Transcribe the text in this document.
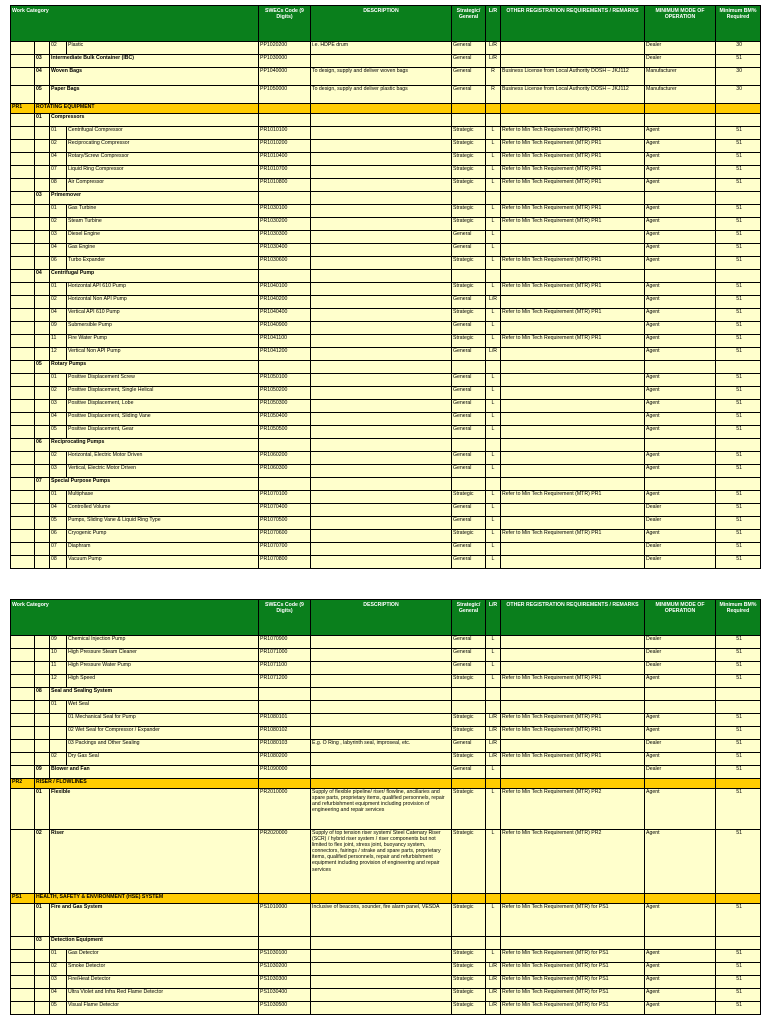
Work Category				SWECs Code (9 Digits)	DESCRIPTION	Strategic/ General	L/R	OTHER REGISTRATION REQUIREMENTS / REMARKS	MINIMUM MODE OF OPERATION	Minimum BM% Required
		02	Plastic	PP1020200	i.e. HDPE drum	General	L/R		Dealer	30
	03	Intermediate Bulk Container (IBC)		PP1030000		General	L/R		Dealer	51
	04	Woven Bags		PP1040000	To design, supply and deliver woven bags	General	R	Business License from Local Authority DOSH – JKJ112	Manufacturer	30
	05	Paper Bags		PP1050000	To design, supply and deliver plastic bags	General	R	Business License from Local Authority DOSH – JKJ112	Manufacturer	30
PR1	ROTATING EQUIPMENT									
	01	Compressors								
		01	Centrifugal Compressor	PR1010100		Strategic	L	Refer to Min Tech Requirement (MTR) PR1	Agent	51
		02	Reciprocating Compressor	PR1010200		Strategic	L	Refer to Min Tech Requirement (MTR) PR1	Agent	51
		04	Rotary/Screw Compressor	PR1010400		Strategic	L	Refer to Min Tech Requirement (MTR) PR1	Agent	51
		07	Liquid Ring Compressor	PR1010700		Strategic	L	Refer to Min Tech Requirement (MTR) PR1	Agent	51
		08	Air Compressor	PR1010800		Strategic	L	Refer to Min Tech Requirement (MTR) PR1	Agent	51
	03	Primemover								
		01	Gas Turbine	PR1030100		Strategic	L	Refer to Min Tech Requirement (MTR) PR1	Agent	51
		02	Steam Turbine	PR1030200		Strategic	L	Refer to Min Tech Requirement (MTR) PR1	Agent	51
		03	Diesel Engine	PR1030300		General	L		Agent	51
		04	Gas Engine	PR1030400		General	L		Agent	51
		06	Turbo Expander	PR1030600		Strategic	L	Refer to Min Tech Requirement (MTR) PR1	Agent	51
	04	Centrifugal Pump								
		01	Horizontal API 610 Pump	PR1040100		Strategic	L	Refer to Min Tech Requirement (MTR) PR1	Agent	51
		02	Horizontal Non API Pump	PR1040200		General	L/R		Agent	51
		04	Vertical API 610 Pump	PR1040400		Strategic	L	Refer to Min Tech Requirement (MTR) PR1	Agent	51
		09	Submersible Pump	PR1040900		General	L		Agent	51
		11	Fire Water Pump	PR1041100		Strategic	L	Refer to Min Tech Requirement (MTR) PR1	Agent	51
		12	Vertical Non API Pump	PR1041200		General	L/R		Agent	51
	05	Rotary Pumps								
		01	Positive Displacement Screw	PR1050100		General	L		Agent	51
		02	Positive Displacement, Single Helical	PR1050200		General	L		Agent	51
		03	Positive Displacement, Lobe	PR1050300		General	L		Agent	51
		04	Positive Displacement, Sliding Vane	PR1050400		General	L		Agent	51
		05	Positive Displacement, Gear	PR1050500		General	L		Agent	51
	06	Reciprocating Pumps								
		02	Horizontal, Electric Motor Driven	PR1060200		General	L		Agent	51
		03	Vertical, Electric Motor Driven	PR1060300		General	L		Agent	51
	07	Special Purpose Pumps								
		01	Multiphase	PR1070100		Strategic	L	Refer to Min Tech Requirement (MTR) PR1	Agent	51
		04	Controlled Volume	PR1070400		General	L		Dealer	51
		05	Pumps, Sliding Vane & Liquid Ring Type	PR1070500		General	L		Dealer	51
		06	Cryogenic Pump	PR1070600		Strategic	L	Refer to Min Tech Requirement (MTR) PR1	Agent	51
		07	Diaphram	PR1070700		General	L		Dealer	51
		08	Vacuum Pump	PR1070800		General	L		Dealer	51
Work Category				SWECs Code (9 Digits)	DESCRIPTION	Strategic/ General	L/R	OTHER REGISTRATION REQUIREMENTS / REMARKS	MINIMUM MODE OF OPERATION	Minimum BM% Required
		09	Chemical Injection Pump	PR1070900		General	L		Dealer	51
		10	High Pressure Steam Cleaner	PR1071000		General	L		Dealer	51
		11	High Pressure Water Pump	PR1071100		General	L		Dealer	51
		12	High Speed	PR1071200		Strategic	L	Refer to Min Tech Requirement (MTR) PR1	Agent	51
	08	Seal and Sealing System								
		01	Wet Seal							
			01 Mechanical Seal for Pump	PR1080101		Strategic	L/R	Refer to Min Tech Requirement (MTR) PR1	Agent	51
			02 Wet Seal for Compressor / Expander	PR1080102		Strategic	L/R	Refer to Min Tech Requirement (MTR) PR1	Agent	51
			03 Packings and Other Sealing	PR1080103	E.g. O Ring , labyrinth seal, improseal, etc.	General	L/R		Dealer	51
		02	Dry Gas Seal	PR1080200		Strategic	L/R	Refer to Min Tech Requirement (MTR) PR1	Agent	51
	09	Blower and Fan		PR1090000		General	L		Dealer	51
PR2	RISER / FLOWLINES									
	01	Flexible		PR2010000	Supply of flexible pipeline/ riser/ flowline, ancillaries and spare parts, proprietary items, qualified personnels, repair and refurbishment equipment including provision of engineering and repair services	Strategic	L	Refer to Min Tech Requirement (MTR) PR2	Agent	51
	02	Riser		PR2020000	Supply of top tension riser system/ Steel Catenary Riser (SCR) / hybrid riser system / riser components but not limited to flex joint, stress joint, buoyancy system, connectors, fairings / strake and spare parts, proprietary items, qualified personnels, repair and refurbishment equipment including provision of engineering and repair services	Strategic	L	Refer to Min Tech Requirement (MTR) PR2	Agent	51
PS1	HEALTH, SAFETY & ENVIRONMENT (HSE) SYSTEM									
	01	Fire and Gas System		PS1010000	Inclusive of beacons, sounder, fire alarm panel, VESDA	Strategic	L	Refer to Min Tech Requirement (MTR) for PS1	Agent	51
	03	Detection Equipment								
		01	Gas Detector	PS1030100		Strategic	L	Refer to Min Tech Requirement (MTR) for PS1	Agent	51
		02	Smoke Detector	PS1030200		Strategic	L/R	Refer to Min Tech Requirement (MTR) for PS1	Agent	51
		03	Fire/Heat Detector	PS1030300		Strategic	L/R	Refer to Min Tech Requirement (MTR) for PS1	Agent	51
		04	Ultra Violet and Infra Red Flame Detector	PS1030400		Strategic	L/R	Refer to Min Tech Requirement (MTR) for PS1	Agent	51
		05	Visual Flame Detector	PS1030500		Strategic	L/R	Refer to Min Tech Requirement (MTR) for PS1	Agent	51
